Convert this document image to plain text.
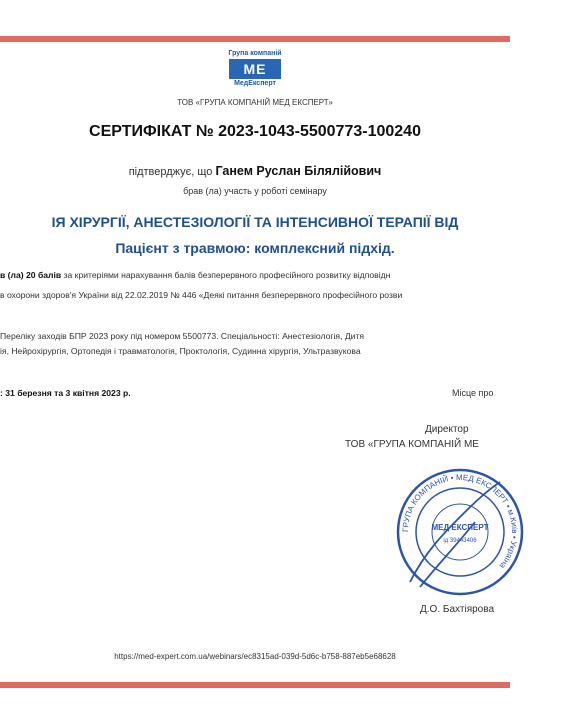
Група компаній
МЕ
МедЕксперт
ТОВ «ГРУПА КОМПАНІЙ МЕД ЕКСПЕРТ»
СЕРТИФІКАТ № 2023-1043-5500773-100240
підтверджує, що Ганем Руслан Білялійович
брав (ла) участь у роботі семінару
ІЯ ХІРУРГІЇ, АНЕСТЕЗІОЛОГІЇ ТА ІНТЕНСИВНОЇ ТЕРАПІЇ ВІД
Пацієнт з травмою: комплексний підхід.
в (ла) 20 балів за критеріями нарахування балів безперервного професійного розвитку відповідн
в охорони здоров'я України від 22.02.2019 № 446 «Деякі питання безперервного професійного розви
Переліку заходів БПР 2023 року під номером 5500773. Спеціальності: Анестезіологія, Дитя
ія, Нейрохірургія, Ортопедія і травматологія, Проктологія, Судинна хірургія, Ультразвукова
: 31 березня та 3 квітня 2023 р.	Місце про
Директор
ТОВ «ГРУПА КОМПАНІЙ МЕ
ГРУПА КОМПАНІЙ • МЕД ЕКСПЕРТ • м.Київ • Україна
МЕД ЕКСПЕРТ
ід 39443406
Д.О. Бахтіярова
https://med-expert.com.ua/webinars/ec8315ad-039d-5d6c-b758-887eb5e68628
